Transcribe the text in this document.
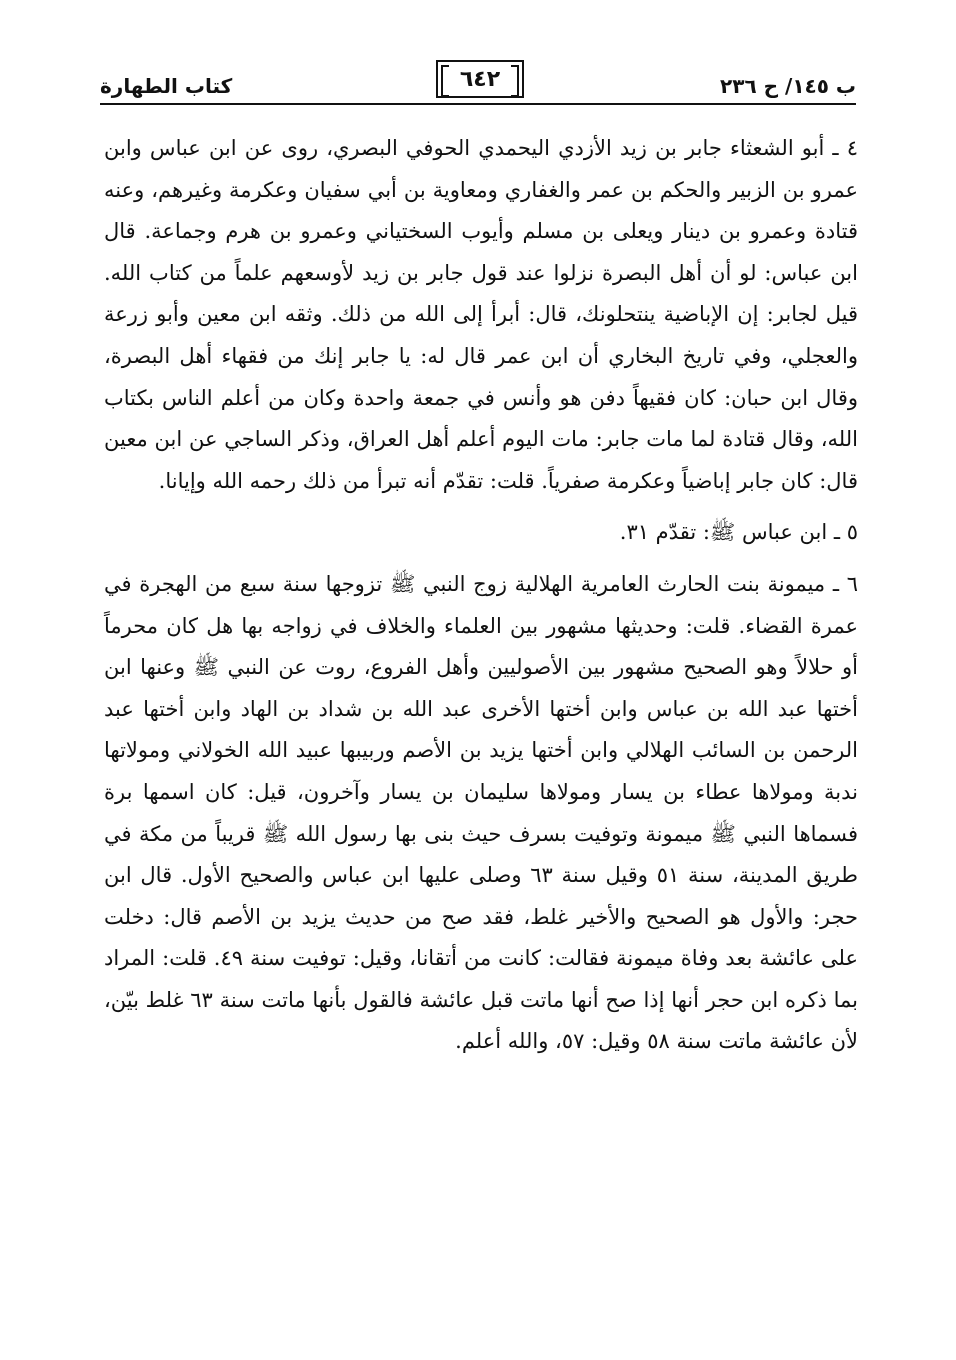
كتاب الطهارة	٦٤٢	ب ١٤٥/ ح ٢٣٦

٤ ـ أبو الشعثاء جابر بن زيد الأزدي اليحمدي الحوفي البصري، روى عن ابن عباس وابن عمرو بن الزبير والحكم بن عمر والغفاري ومعاوية بن أبي سفيان وعكرمة وغيرهم، وعنه قتادة وعمرو بن دينار ويعلى بن مسلم وأيوب السختياني وعمرو بن هرم وجماعة. قال ابن عباس: لو أن أهل البصرة نزلوا عند قول جابر بن زيد لأوسعهم علماً من كتاب الله. قيل لجابر: إن الإباضية ينتحلونك، قال: أبرأ إلى الله من ذلك. وثقه ابن معين وأبو زرعة والعجلي، وفي تاريخ البخاري أن ابن عمر قال له: يا جابر إنك من فقهاء أهل البصرة، وقال ابن حبان: كان فقيهاً دفن هو وأنس في جمعة واحدة وكان من أعلم الناس بكتاب الله، وقال قتادة لما مات جابر: مات اليوم أعلم أهل العراق، وذكر الساجي عن ابن معين قال: كان جابر إباضياً وعكرمة صفرياً. قلت: تقدّم أنه تبرأ من ذلك رحمه الله وإيانا.

٥ ـ ابن عباس ﷺ: تقدّم ٣١.

٦ ـ ميمونة بنت الحارث العامرية الهلالية زوج النبي ﷺ تزوجها سنة سبع من الهجرة في عمرة القضاء. قلت: وحديثها مشهور بين العلماء والخلاف في زواجه بها هل كان محرماً أو حلالاً وهو الصحيح مشهور بين الأصوليين وأهل الفروع، روت عن النبي ﷺ وعنها ابن أختها عبد الله بن عباس وابن أختها الأخرى عبد الله بن شداد بن الهاد وابن أختها عبد الرحمن بن السائب الهلالي وابن أختها يزيد بن الأصم وربيبها عبيد الله الخولاني ومولاتها ندبة ومولاها عطاء بن يسار ومولاها سليمان بن يسار وآخرون، قيل: كان اسمها برة فسماها النبي ﷺ ميمونة وتوفيت بسرف حيث بنى بها رسول الله ﷺ قريباً من مكة في طريق المدينة، سنة ٥١ وقيل سنة ٦٣ وصلى عليها ابن عباس والصحيح الأول. قال ابن حجر: والأول هو الصحيح والأخير غلط، فقد صح من حديث يزيد بن الأصم قال: دخلت على عائشة بعد وفاة ميمونة فقالت: كانت من أتقانا، وقيل: توفيت سنة ٤٩. قلت: المراد بما ذكره ابن حجر أنها إذا صح أنها ماتت قبل عائشة فالقول بأنها ماتت سنة ٦٣ غلط بيّن، لأن عائشة ماتت سنة ٥٨ وقيل: ٥٧، والله أعلم.
